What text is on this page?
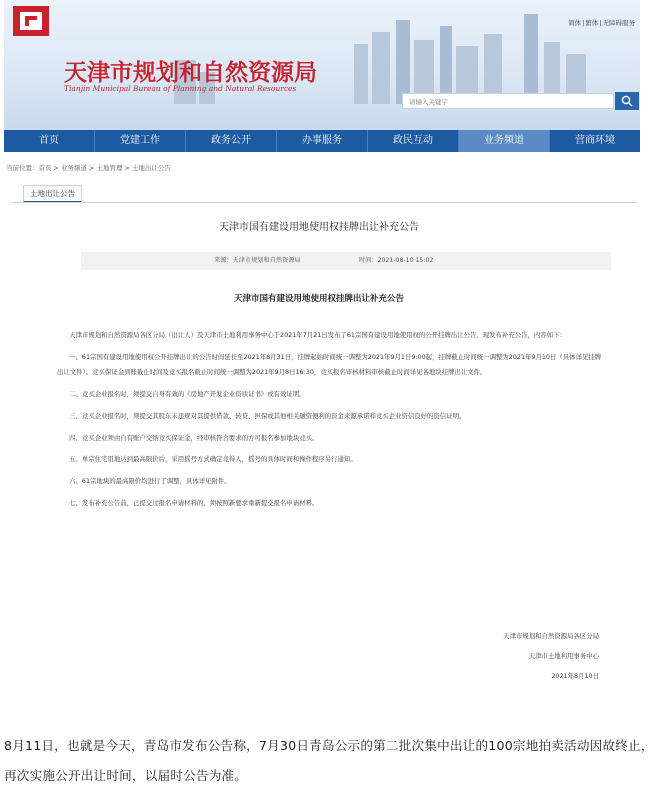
简体|繁体|无障碍服务
天津市规划和自然资源局
Tianjin Municipal Bureau of Planning and Natural Resources
请输入关键字
首页	党建工作	政务公开	办事服务	政民互动	业务频道	营商环境
当前位置：首页 > 业务频道 > 土地管理 > 土地出让公告
土地出让公告
天津市国有建设用地使用权挂牌出让补充公告
来源：天津市规划和自然资源局	时间：2021-08-10 15:02
天津市国有建设用地使用权挂牌出让补充公告

天津市规划和自然资源局各区分局（出让人）及天津市土地利用事务中心于2021年7月21日发布了61宗国有建设用地使用权的公开挂牌出让公告，现发布补充公告，内容如下：

一、61宗国有建设用地使用权公开挂牌出让的公告时间延长至2021年8月31日，挂牌起始时间统一调整为2021年9月1日9:00起，挂牌截止时间统一调整为2021年9月10日（具体详见挂牌出让文件）。竞买保证金到账截止时间及竞买报名截止时间统一调整为2021年9月8日16:30，竞买报名审核材料审核截止时间详见各地块挂牌出让文件。

二、竞买企业报名时，须提交自身有效的《房地产开发企业资质证书》或有效证明。

三、竞买企业报名时，须提交其股东未违规对其提供借款、转贷、担保或其他相关融资便利的资金来源承诺和竞买企业资信良好的资信证明。

四、竞买企业须由自有账户交纳竞买保证金，经审核符合要求的方可报名参加地块竞买。

五、单宗住宅用地达到最高限价后，采用摇号方式确定竞得人，摇号的具体时间和操作程序另行通知。

六、61宗地块的最高限价均进行了调整，具体详见附件。

七、发布补充公告前，已提交过报名申请材料的，须按照新要求重新提交报名申请材料。

天津市规划和自然资源局各区分局
天津市土地利用事务中心
2021年8月10日
8月11日，也就是今天，青岛市发布公告称，7月30日青岛公示的第二批次集中出让的100宗地拍卖活动因故终止，再次实施公开出让时间，以届时公告为准。
